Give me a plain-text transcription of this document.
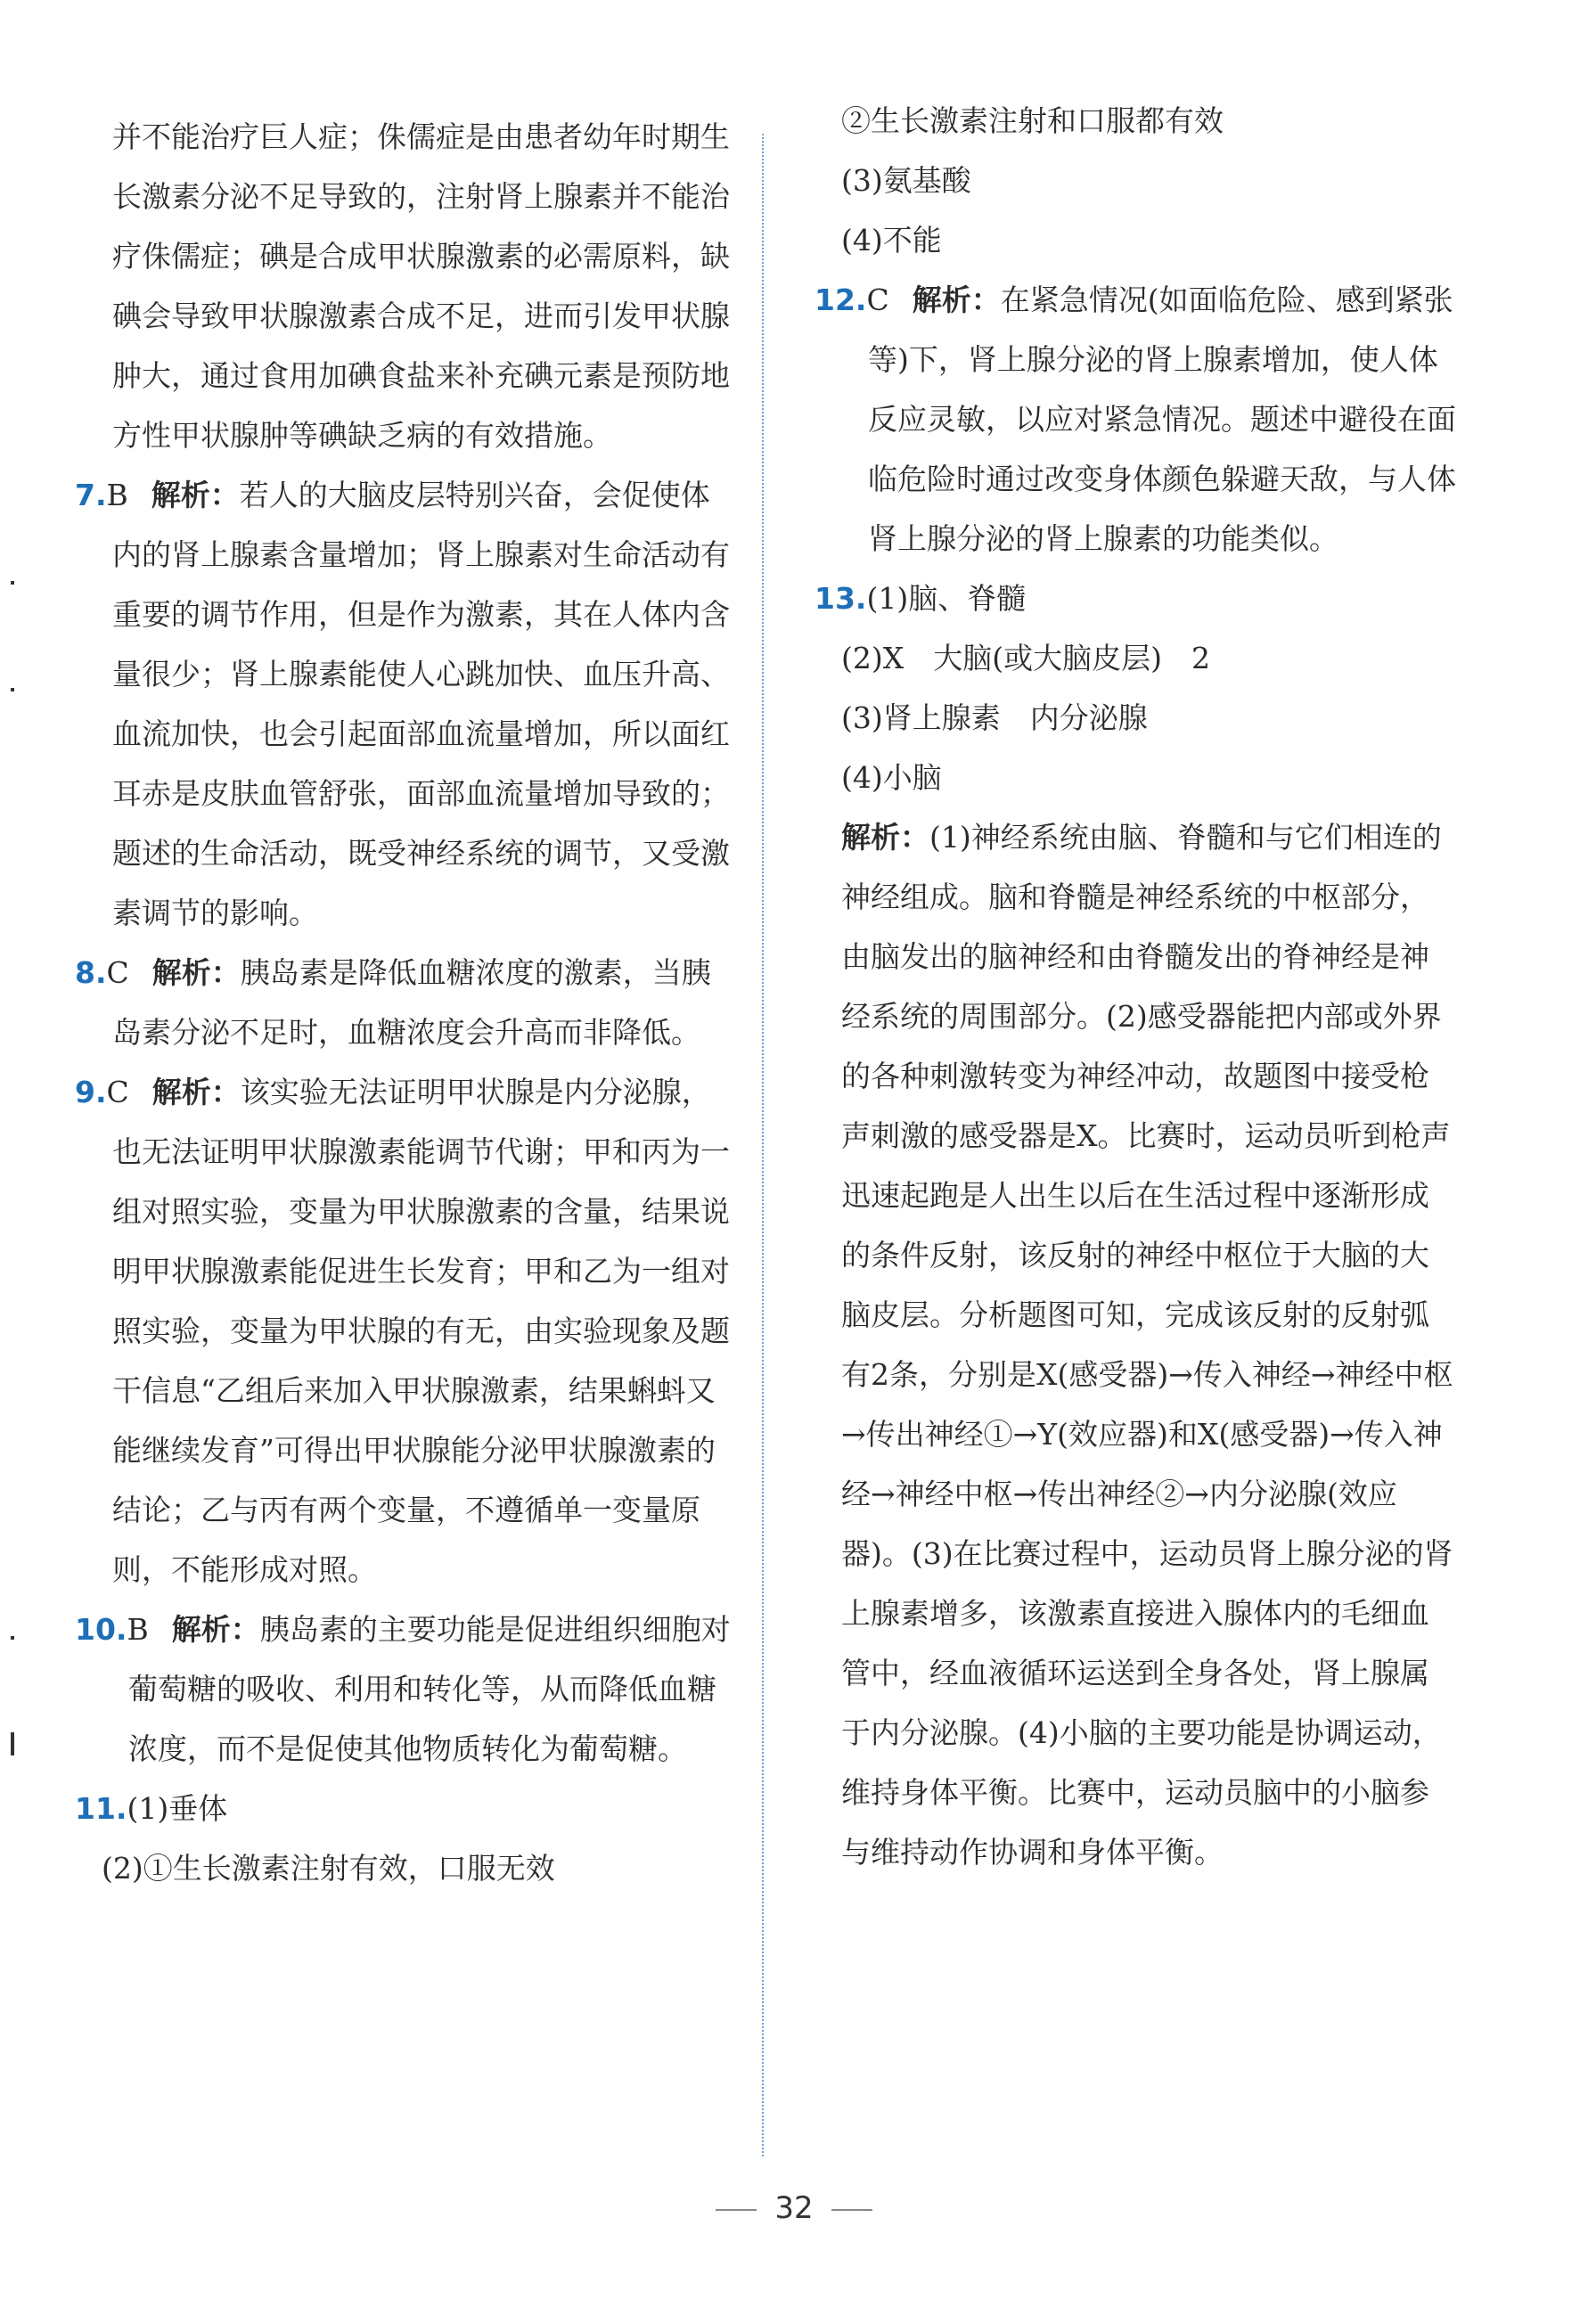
并不能治疗巨人症；侏儒症是由患者幼年时期生长激素分泌不足导致的，注射肾上腺素并不能治疗侏儒症；碘是合成甲状腺激素的必需原料，缺碘会导致甲状腺激素合成不足，进而引发甲状腺肿大，通过食用加碘食盐来补充碘元素是预防地方性甲状腺肿等碘缺乏病的有效措施。
7.B 解析：若人的大脑皮层特别兴奋，会促使体内的肾上腺素含量增加；肾上腺素对生命活动有重要的调节作用，但是作为激素，其在人体内含量很少；肾上腺素能使人心跳加快、血压升高、血流加快，也会引起面部血流量增加，所以面红耳赤是皮肤血管舒张，面部血流量增加导致的；题述的生命活动，既受神经系统的调节，又受激素调节的影响。
8.C 解析：胰岛素是降低血糖浓度的激素，当胰岛素分泌不足时，血糖浓度会升高而非降低。
9.C 解析：该实验无法证明甲状腺是内分泌腺，也无法证明甲状腺激素能调节代谢；甲和丙为一组对照实验，变量为甲状腺激素的含量，结果说明甲状腺激素能促进生长发育；甲和乙为一组对照实验，变量为甲状腺的有无，由实验现象及题干信息“乙组后来加入甲状腺激素，结果蝌蚪又能继续发育”可得出甲状腺能分泌甲状腺激素的结论；乙与丙有两个变量，不遵循单一变量原则，不能形成对照。
10.B 解析：胰岛素的主要功能是促进组织细胞对葡萄糖的吸收、利用和转化等，从而降低血糖浓度，而不是促使其他物质转化为葡萄糖。
11.(1)垂体
(2)①生长激素注射有效，口服无效
②生长激素注射和口服都有效
(3)氨基酸
(4)不能
12.C 解析：在紧急情况(如面临危险、感到紧张等)下，肾上腺分泌的肾上腺素增加，使人体反应灵敏，以应对紧急情况。题述中避役在面临危险时通过改变身体颜色躲避天敌，与人体肾上腺分泌的肾上腺素的功能类似。
13.(1)脑、脊髓
(2)X　大脑(或大脑皮层)　2
(3)肾上腺素　内分泌腺
(4)小脑
解析：(1)神经系统由脑、脊髓和与它们相连的神经组成。脑和脊髓是神经系统的中枢部分，由脑发出的脑神经和由脊髓发出的脊神经是神经系统的周围部分。(2)感受器能把内部或外界的各种刺激转变为神经冲动，故题图中接受枪声刺激的感受器是X。比赛时，运动员听到枪声迅速起跑是人出生以后在生活过程中逐渐形成的条件反射，该反射的神经中枢位于大脑的大脑皮层。分析题图可知，完成该反射的反射弧有2条，分别是X(感受器)→传入神经→神经中枢→传出神经①→Y(效应器)和X(感受器)→传入神经→神经中枢→传出神经②→内分泌腺(效应器)。(3)在比赛过程中，运动员肾上腺分泌的肾上腺素增多，该激素直接进入腺体内的毛细血管中，经血液循环运送到全身各处，肾上腺属于内分泌腺。(4)小脑的主要功能是协调运动，维持身体平衡。比赛中，运动员脑中的小脑参与维持动作协调和身体平衡。
32
